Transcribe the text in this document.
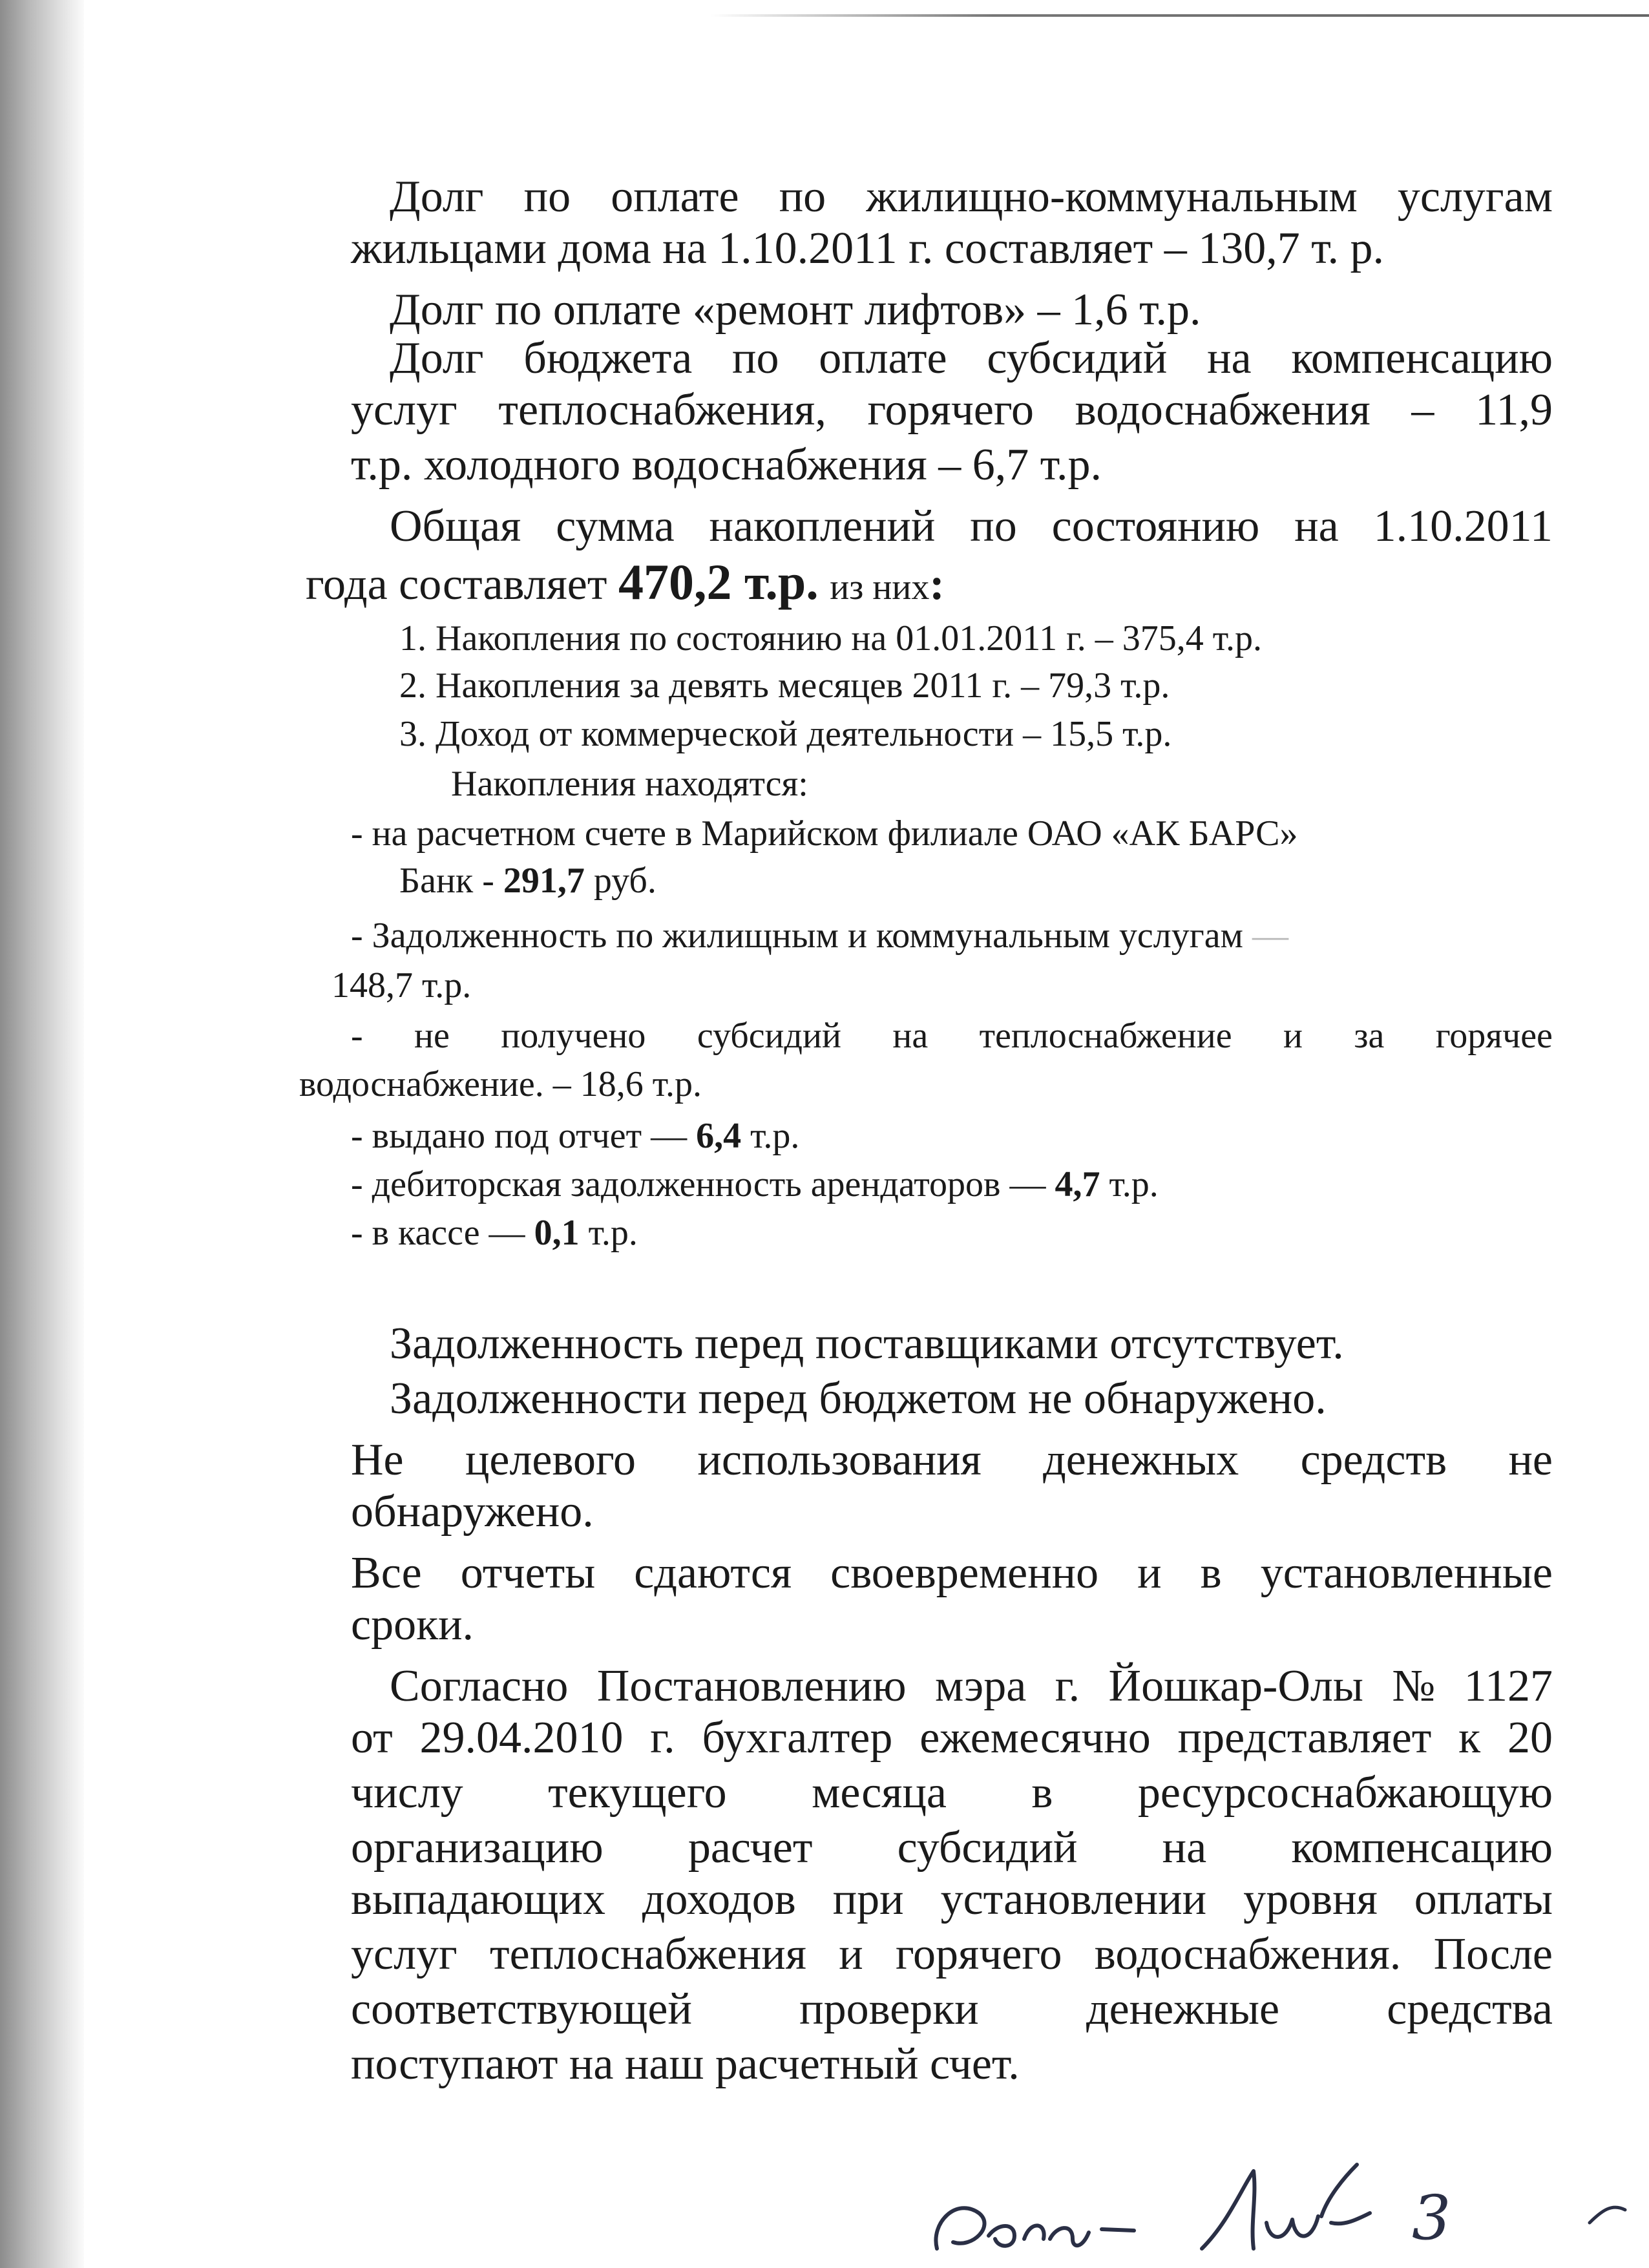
Долг по оплате по жилищно-коммунальным услугам
жильцами дома на 1.10.2011 г. составляет – 130,7 т. р.
Долг по оплате «ремонт лифтов» – 1,6 т.р.
Долг бюджета по оплате субсидий на компенсацию
услуг теплоснабжения, горячего водоснабжения – 11,9
т.р. холодного водоснабжения – 6,7 т.р.
Общая сумма накоплений по состоянию на 1.10.2011
года составляет 470,2 т.р. из них:
1. Накопления по состоянию на 01.01.2011 г. – 375,4 т.р.
2. Накопления за девять месяцев 2011 г. – 79,3 т.р.
3. Доход от коммерческой деятельности – 15,5 т.р.
Накопления находятся:
- на расчетном счете в Марийском филиале ОАО «АК БАРС»
Банк - 291,7 руб.
- Задолженность по жилищным и коммунальным услугам —
148,7 т.р.
- не получено субсидий на теплоснабжение и за горячее
водоснабжение. – 18,6 т.р.
- выдано под отчет — 6,4 т.р.
- дебиторская задолженность арендаторов — 4,7 т.р.
- в кассе — 0,1 т.р.
Задолженность перед поставщиками отсутствует.
Задолженности перед бюджетом не обнаружено.
Не целевого использования денежных средств не
обнаружено.
Все отчеты сдаются своевременно и в установленные
сроки.
Согласно Постановлению мэра г. Йошкар-Олы № 1127
от 29.04.2010 г. бухгалтер ежемесячно представляет к 20
числу текущего месяца в ресурсоснабжающую
организацию расчет субсидий на компенсацию
выпадающих доходов при установлении уровня оплаты
услуг теплоснабжения и горячего водоснабжения. После
соответствующей проверки денежные средства
поступают на наш расчетный счет.
3
